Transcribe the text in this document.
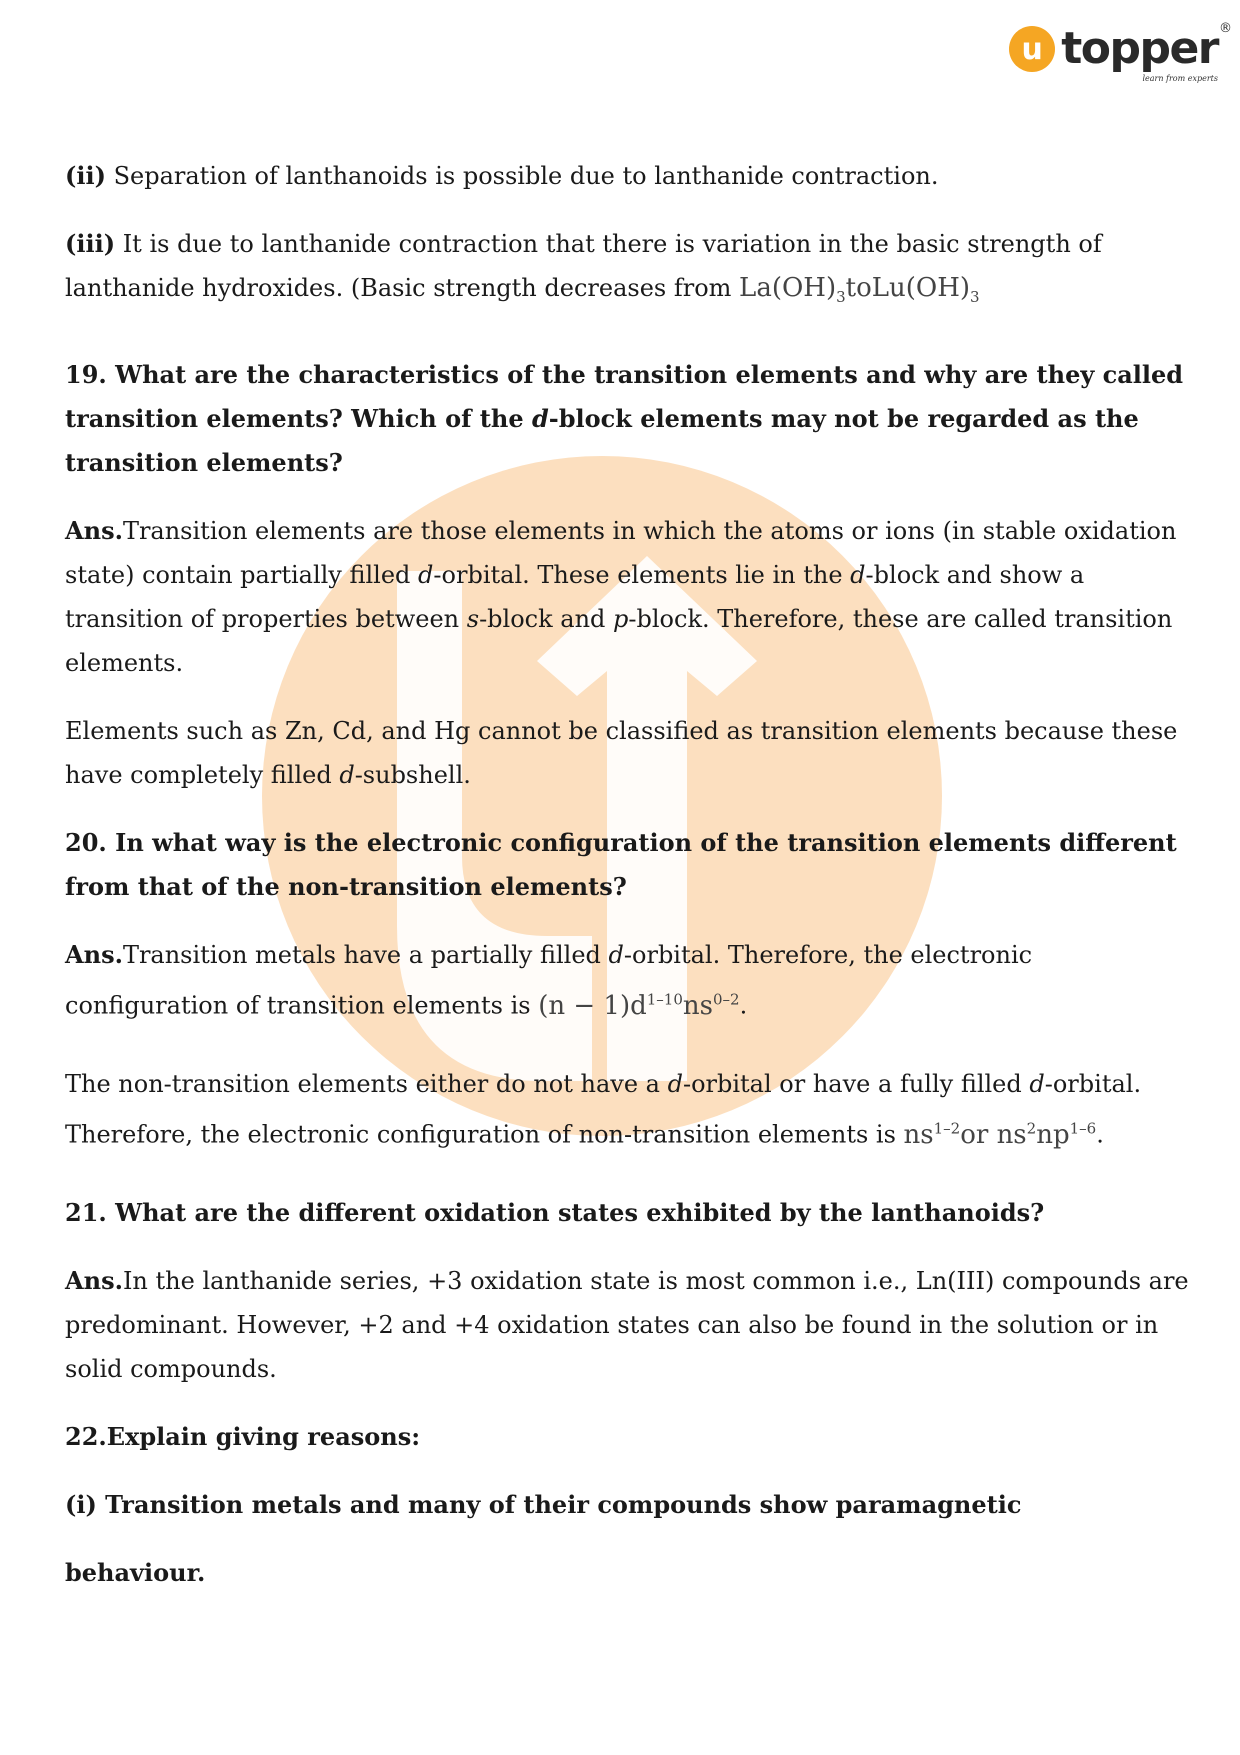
u topper ®
learn from experts

(ii) Separation of lanthanoids is possible due to lanthanide contraction.

(iii) It is due to lanthanide contraction that there is variation in the basic strength of lanthanide hydroxides. (Basic strength decreases from $La(OH)_3toLu(OH)_3$

19. What are the characteristics of the transition elements and why are they called transition elements? Which of the d-block elements may not be regarded as the transition elements?

Ans.Transition elements are those elements in which the atoms or ions (in stable oxidation state) contain partially filled d-orbital. These elements lie in the d-block and show a transition of properties between s-block and p-block. Therefore, these are called transition elements.

Elements such as Zn, Cd, and Hg cannot be classified as transition elements because these have completely filled d-subshell.

20. In what way is the electronic configuration of the transition elements different from that of the non-transition elements?

Ans.Transition metals have a partially filled d-orbital. Therefore, the electronic configuration of transition elements is $(n - 1)d^{1-10}ns^{0-2}$.

The non-transition elements either do not have a d-orbital or have a fully filled d-orbital. Therefore, the electronic configuration of non-transition elements is $ns^{1-2}or$ $ns^2np^{1-6}$.

21. What are the different oxidation states exhibited by the lanthanoids?

Ans.In the lanthanide series, +3 oxidation state is most common i.e., Ln(III) compounds are predominant. However, +2 and +4 oxidation states can also be found in the solution or in solid compounds.

22.Explain giving reasons:

(i) Transition metals and many of their compounds show paramagnetic

behaviour.
